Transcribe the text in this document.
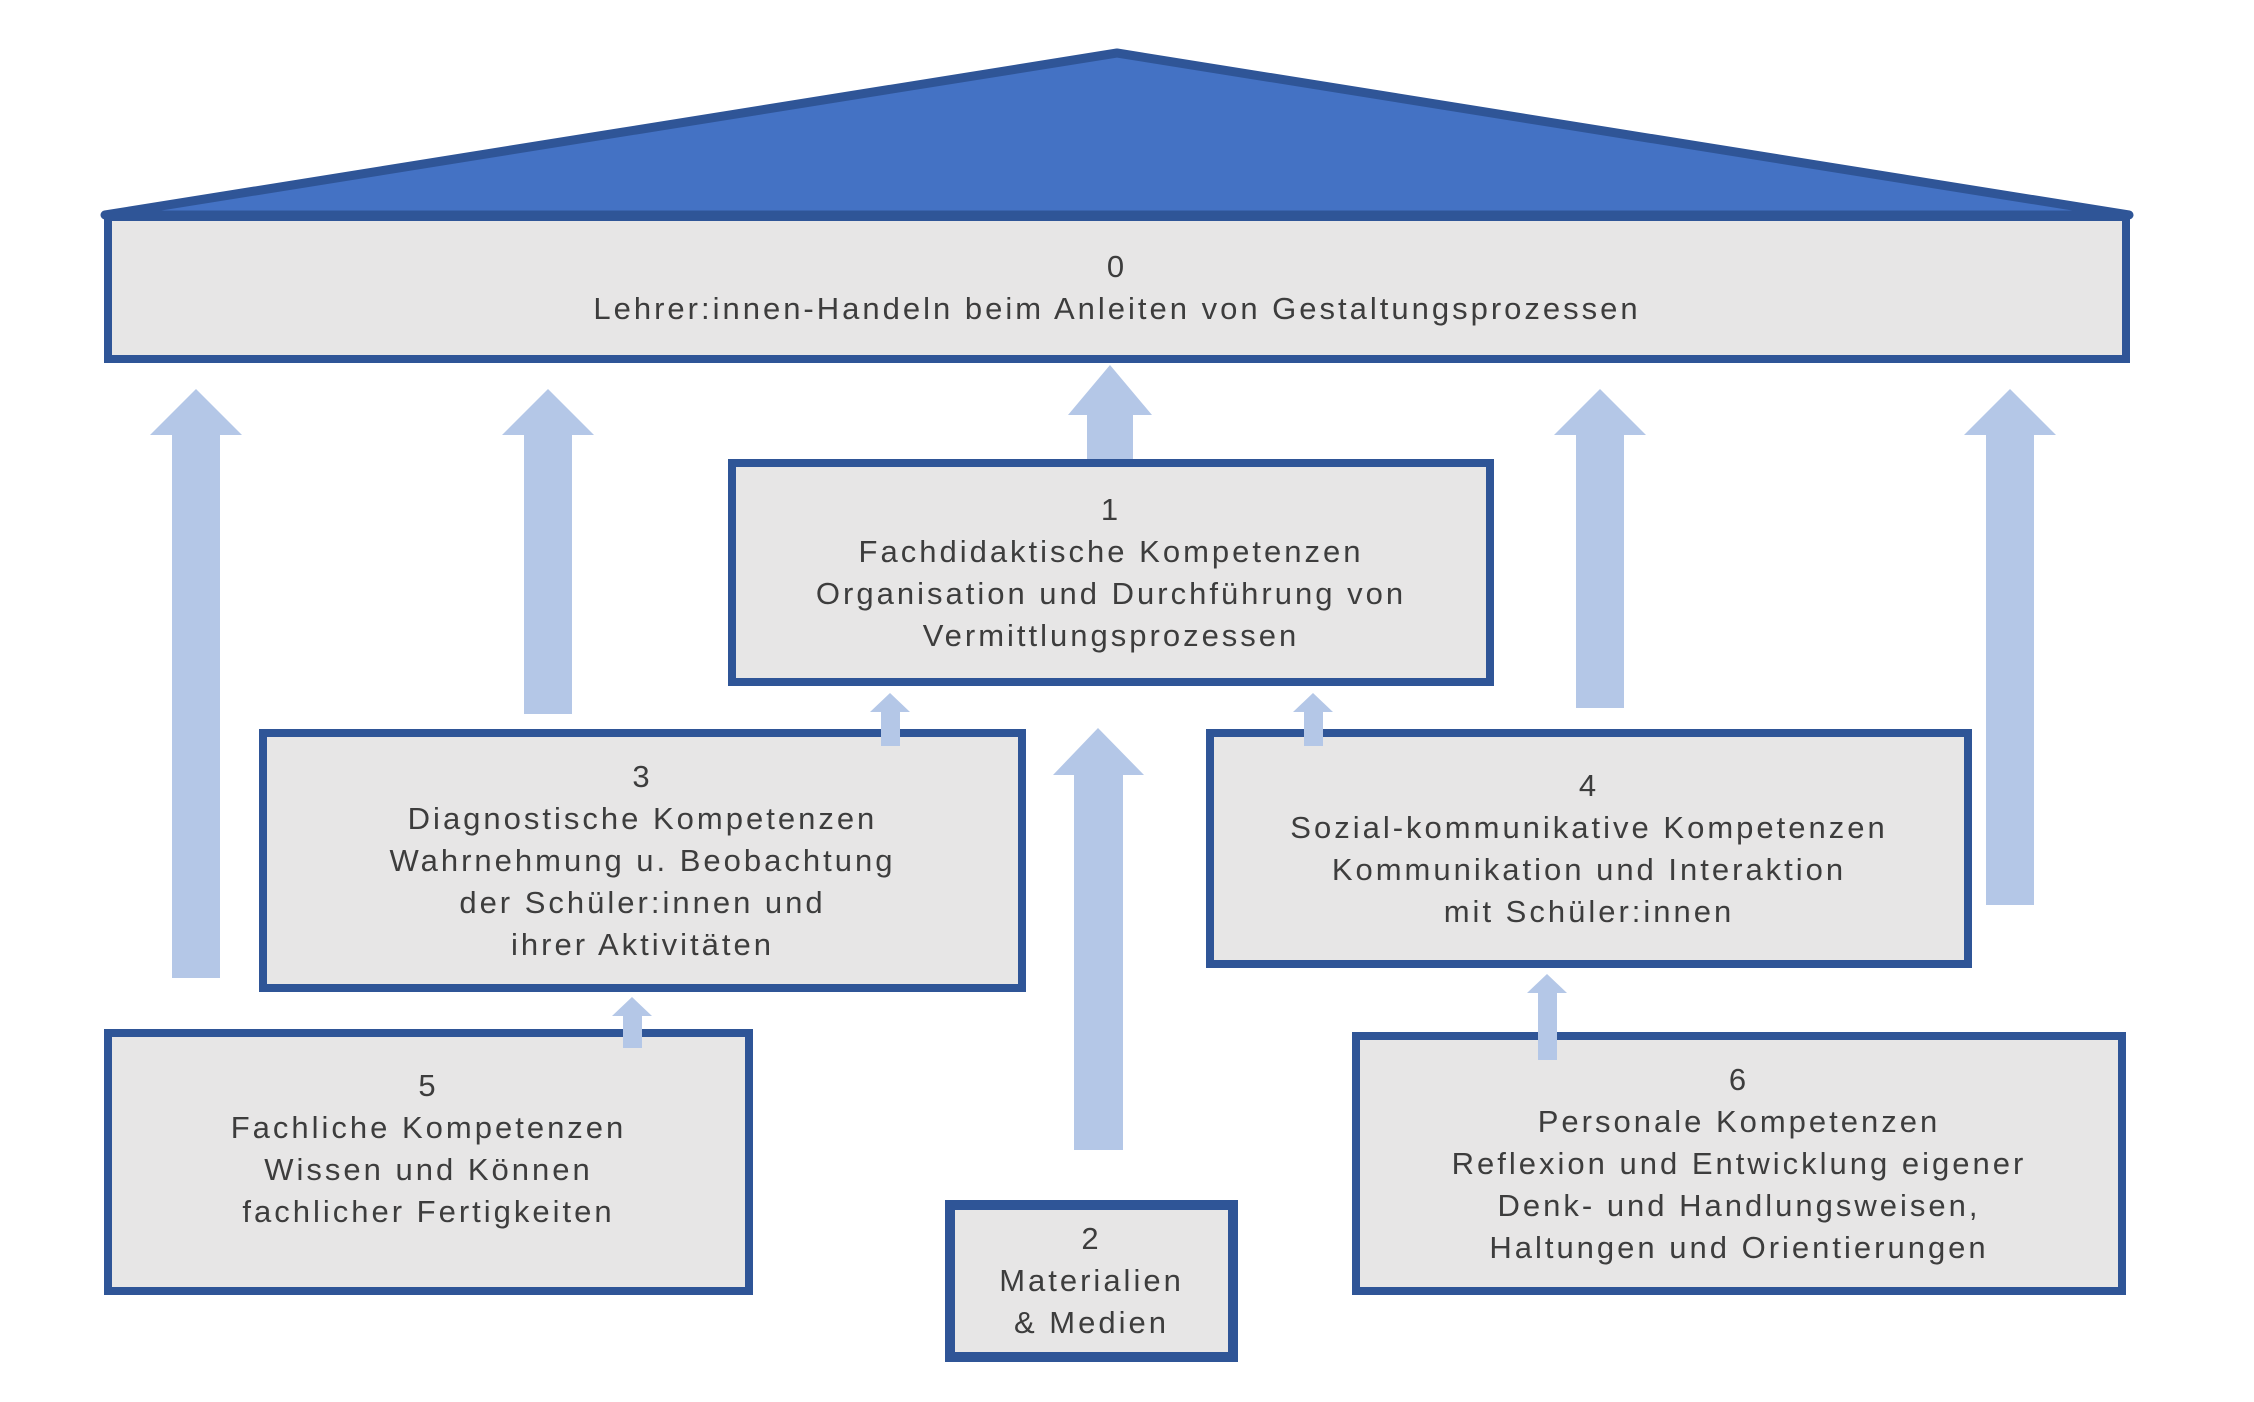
0
Lehrer:innen-Handeln beim Anleiten von Gestaltungsprozessen
1
Fachdidaktische Kompetenzen
Organisation und Durchführung von
Vermittlungsprozessen
3
Diagnostische Kompetenzen
Wahrnehmung u. Beobachtung
der Schüler:innen und
ihrer Aktivitäten
4
Sozial-kommunikative Kompetenzen
Kommunikation und Interaktion
mit Schüler:innen
5
Fachliche Kompetenzen
Wissen und Können
fachlicher Fertigkeiten
6
Personale Kompetenzen
Reflexion und Entwicklung eigener
Denk- und Handlungsweisen,
Haltungen und Orientierungen
2
Materialien
& Medien
